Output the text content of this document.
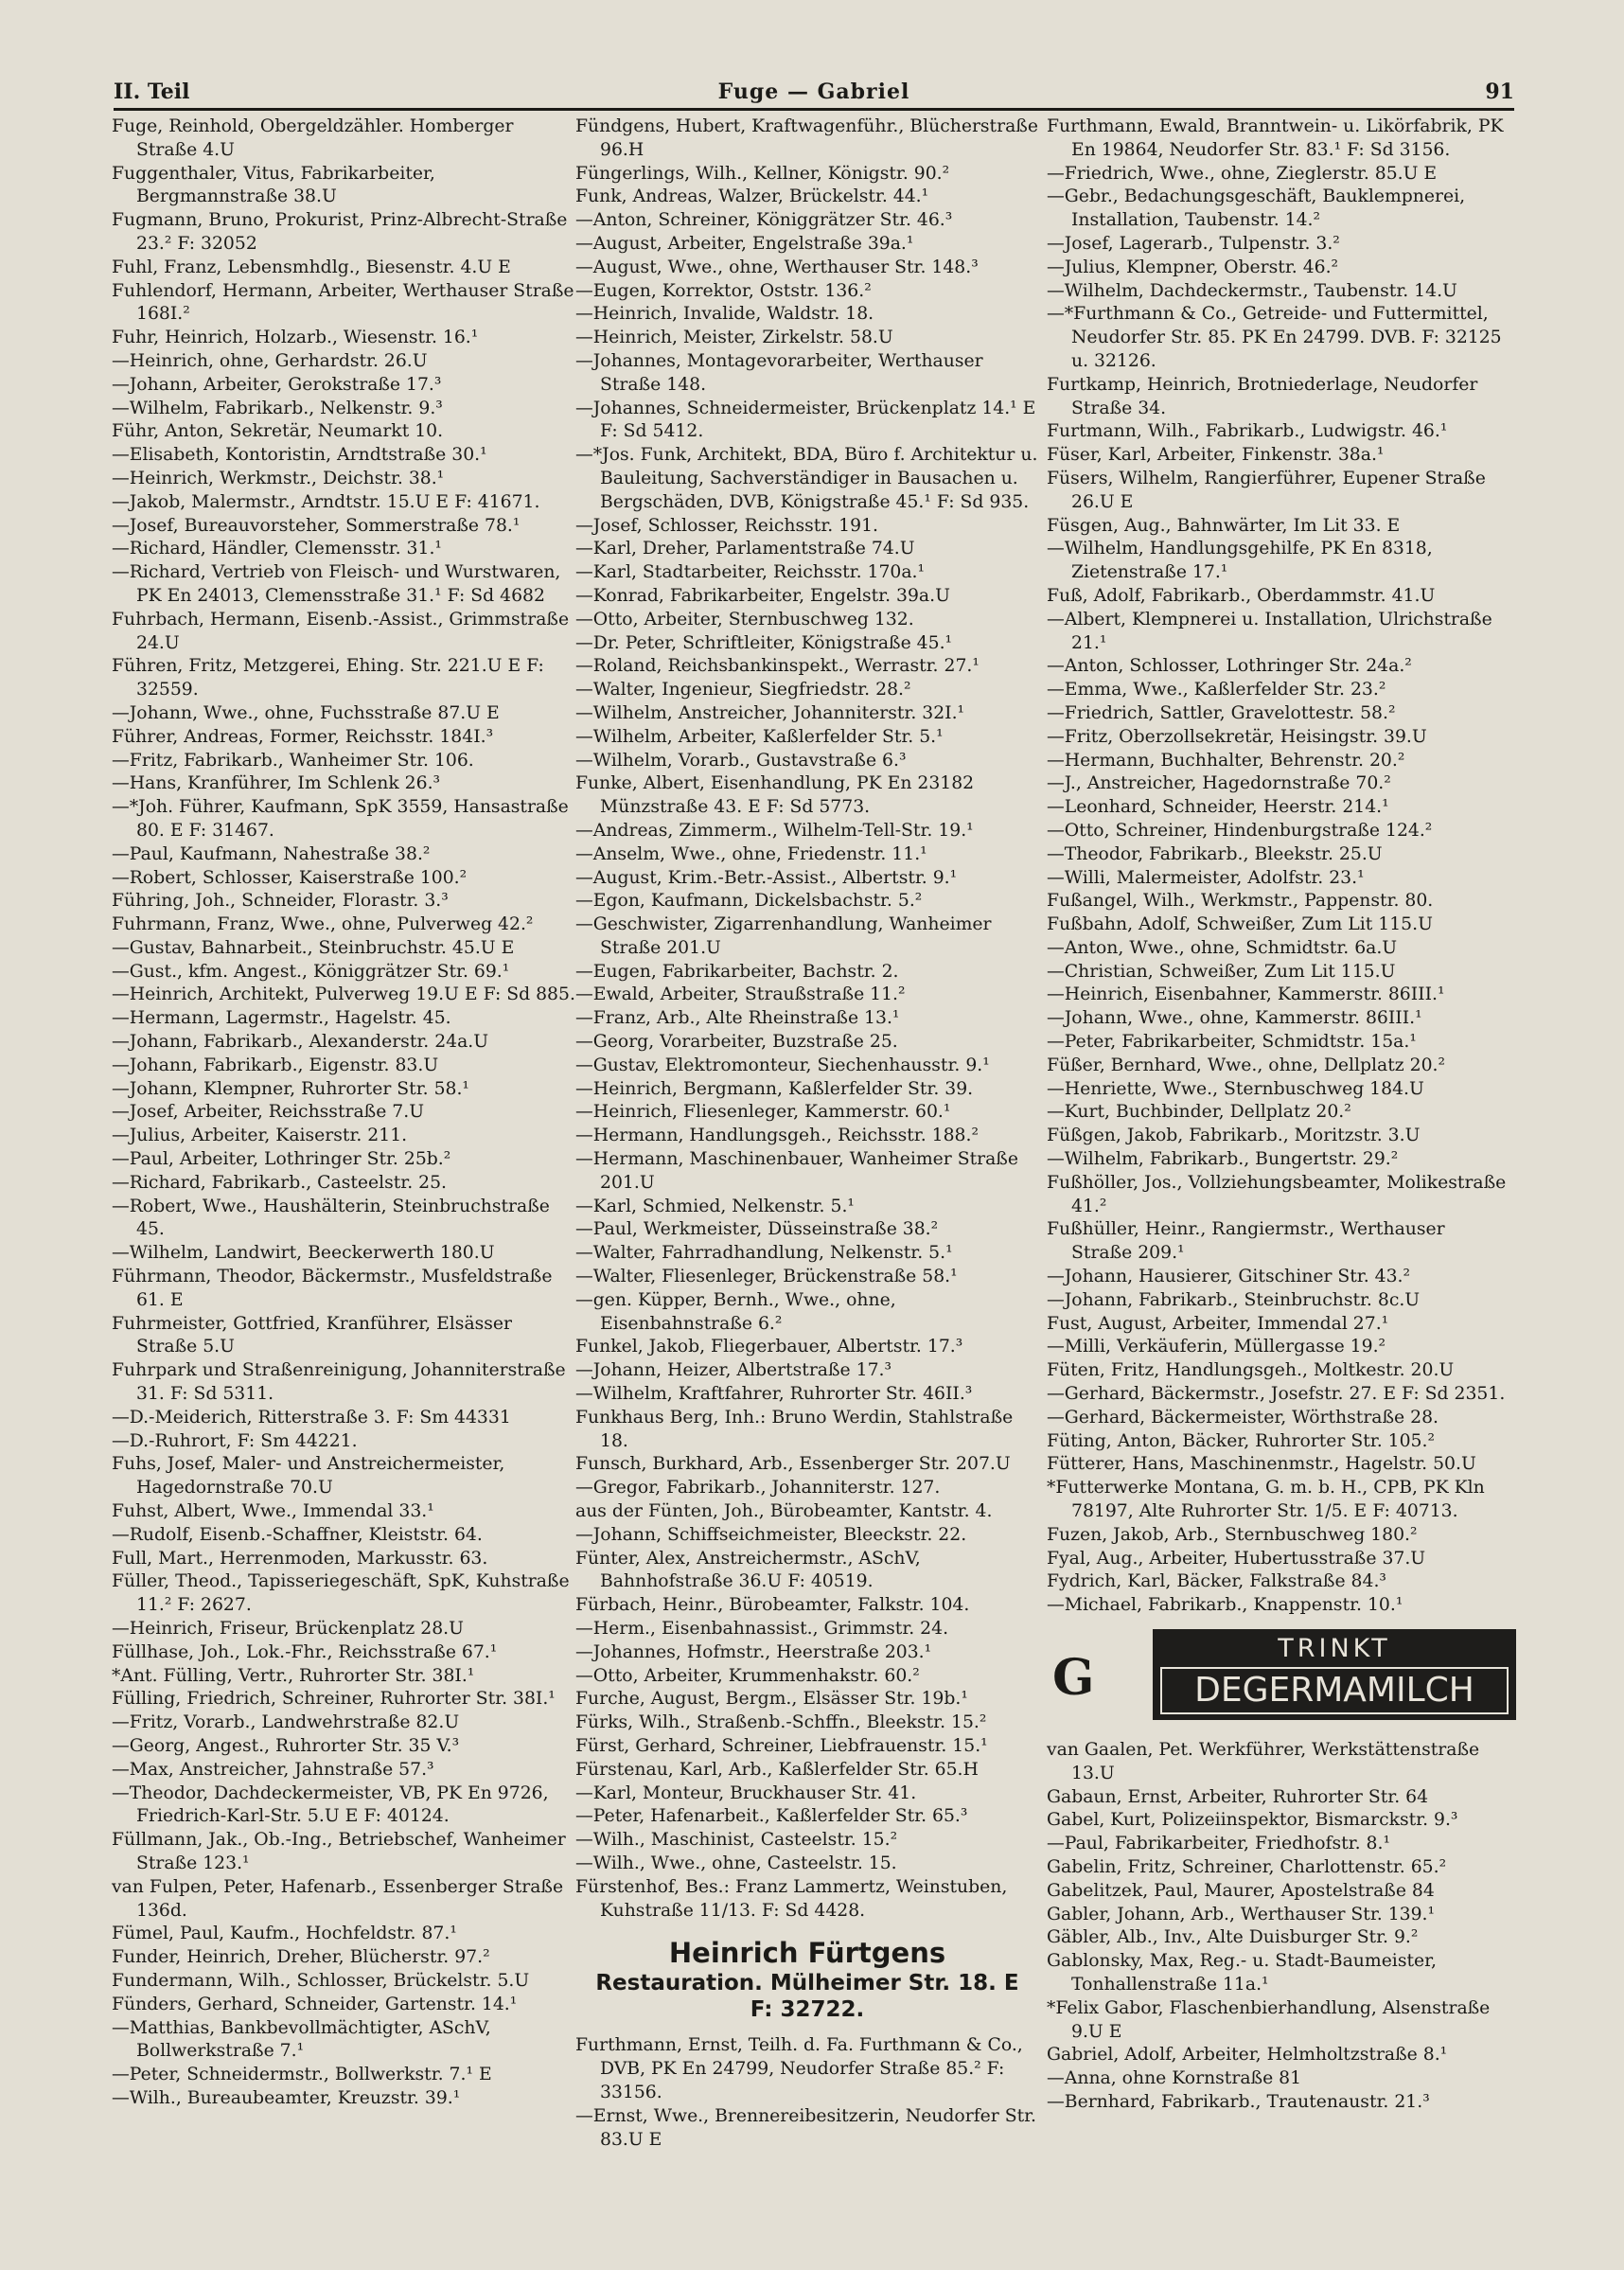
II. Teil	Fuge — Gabriel	91
Fuge, Reinhold, Obergeldzähler. Homberger Straße 4.U
Fuggenthaler, Vitus, Fabrikarbeiter, Bergmannstraße 38.U
Fugmann, Bruno, Prokurist, Prinz-Albrecht-Straße 23.² F: 32052
Fuhl, Franz, Lebensmhdlg., Biesenstr. 4.U E
Fuhlendorf, Hermann, Arbeiter, Werthauser Straße 168I.²
Fuhr, Heinrich, Holzarb., Wiesenstr. 16.¹
—Heinrich, ohne, Gerhardstr. 26.U
—Johann, Arbeiter, Gerokstraße 17.³
—Wilhelm, Fabrikarb., Nelkenstr. 9.³
Führ, Anton, Sekretär, Neumarkt 10.
—Elisabeth, Kontoristin, Arndtstraße 30.¹
—Heinrich, Werkmstr., Deichstr. 38.¹
—Jakob, Malermstr., Arndtstr. 15.U E F: 41671.
—Josef, Bureauvorsteher, Sommerstraße 78.¹
—Richard, Händler, Clemensstr. 31.¹
—Richard, Vertrieb von Fleisch- und Wurstwaren, PK En 24013, Clemensstraße 31.¹ F: Sd 4682
Fuhrbach, Hermann, Eisenb.-Assist., Grimmstraße 24.U
Führen, Fritz, Metzgerei, Ehing. Str. 221.U E F: 32559.
—Johann, Wwe., ohne, Fuchsstraße 87.U E
Führer, Andreas, Former, Reichsstr. 184I.³
—Fritz, Fabrikarb., Wanheimer Str. 106.
—Hans, Kranführer, Im Schlenk 26.³
—*Joh. Führer, Kaufmann, SpK 3559, Hansastraße 80. E F: 31467.
—Paul, Kaufmann, Nahestraße 38.²
—Robert, Schlosser, Kaiserstraße 100.²
Führing, Joh., Schneider, Florastr. 3.³
Fuhrmann, Franz, Wwe., ohne, Pulverweg 42.²
—Gustav, Bahnarbeit., Steinbruchstr. 45.U E
—Gust., kfm. Angest., Königgrätzer Str. 69.¹
—Heinrich, Architekt, Pulverweg 19.U E F: Sd 885.
—Hermann, Lagermstr., Hagelstr. 45.
—Johann, Fabrikarb., Alexanderstr. 24a.U
—Johann, Fabrikarb., Eigenstr. 83.U
—Johann, Klempner, Ruhrorter Str. 58.¹
—Josef, Arbeiter, Reichsstraße 7.U
—Julius, Arbeiter, Kaiserstr. 211.
—Paul, Arbeiter, Lothringer Str. 25b.²
—Richard, Fabrikarb., Casteelstr. 25.
—Robert, Wwe., Haushälterin, Steinbruchstraße 45.
—Wilhelm, Landwirt, Beeckerwerth 180.U
Führmann, Theodor, Bäckermstr., Musfeldstraße 61. E
Fuhrmeister, Gottfried, Kranführer, Elsässer Straße 5.U
Fuhrpark und Straßenreinigung, Johanniterstraße 31. F: Sd 5311.
—D.-Meiderich, Ritterstraße 3. F: Sm 44331
—D.-Ruhrort, F: Sm 44221.
Fuhs, Josef, Maler- und Anstreichermeister, Hagedornstraße 70.U
Fuhst, Albert, Wwe., Immendal 33.¹
—Rudolf, Eisenb.-Schaffner, Kleiststr. 64.
Full, Mart., Herrenmoden, Markusstr. 63.
Füller, Theod., Tapisseriegeschäft, SpK, Kuhstraße 11.² F: 2627.
—Heinrich, Friseur, Brückenplatz 28.U
Füllhase, Joh., Lok.-Fhr., Reichsstraße 67.¹
*Ant. Fülling, Vertr., Ruhrorter Str. 38I.¹
Fülling, Friedrich, Schreiner, Ruhrorter Str. 38I.¹
—Fritz, Vorarb., Landwehrstraße 82.U
—Georg, Angest., Ruhrorter Str. 35 V.³
—Max, Anstreicher, Jahnstraße 57.³
—Theodor, Dachdeckermeister, VB, PK En 9726, Friedrich-Karl-Str. 5.U E F: 40124.
Füllmann, Jak., Ob.-Ing., Betriebschef, Wanheimer Straße 123.¹
van Fulpen, Peter, Hafenarb., Essenberger Straße 136d.
Fümel, Paul, Kaufm., Hochfeldstr. 87.¹
Funder, Heinrich, Dreher, Blücherstr. 97.²
Fundermann, Wilh., Schlosser, Brückelstr. 5.U
Fünders, Gerhard, Schneider, Gartenstr. 14.¹
—Matthias, Bankbevollmächtigter, ASchV, Bollwerkstraße 7.¹
—Peter, Schneidermstr., Bollwerkstr. 7.¹ E
—Wilh., Bureaubeamter, Kreuzstr. 39.¹
Fündgens, Hubert, Kraftwagenführ., Blücherstraße 96.H
Füngerlings, Wilh., Kellner, Königstr. 90.²
Funk, Andreas, Walzer, Brückelstr. 44.¹
—Anton, Schreiner, Königgrätzer Str. 46.³
—August, Arbeiter, Engelstraße 39a.¹
—August, Wwe., ohne, Werthauser Str. 148.³
—Eugen, Korrektor, Oststr. 136.²
—Heinrich, Invalide, Waldstr. 18.
—Heinrich, Meister, Zirkelstr. 58.U
—Johannes, Montagevorarbeiter, Werthauser Straße 148.
—Johannes, Schneidermeister, Brückenplatz 14.¹ E F: Sd 5412.
—*Jos. Funk, Architekt, BDA, Büro f. Architektur u. Bauleitung, Sachverständiger in Bausachen u. Bergschäden, DVB, Königstraße 45.¹ F: Sd 935.
—Josef, Schlosser, Reichsstr. 191.
—Karl, Dreher, Parlamentstraße 74.U
—Karl, Stadtarbeiter, Reichsstr. 170a.¹
—Konrad, Fabrikarbeiter, Engelstr. 39a.U
—Otto, Arbeiter, Sternbuschweg 132.
—Dr. Peter, Schriftleiter, Königstraße 45.¹
—Roland, Reichsbankinspekt., Werrastr. 27.¹
—Walter, Ingenieur, Siegfriedstr. 28.²
—Wilhelm, Anstreicher, Johanniterstr. 32I.¹
—Wilhelm, Arbeiter, Kaßlerfelder Str. 5.¹
—Wilhelm, Vorarb., Gustavstraße 6.³
Funke, Albert, Eisenhandlung, PK En 23182 Münzstraße 43. E F: Sd 5773.
—Andreas, Zimmerm., Wilhelm-Tell-Str. 19.¹
—Anselm, Wwe., ohne, Friedenstr. 11.¹
—August, Krim.-Betr.-Assist., Albertstr. 9.¹
—Egon, Kaufmann, Dickelsbachstr. 5.²
—Geschwister, Zigarrenhandlung, Wanheimer Straße 201.U
—Eugen, Fabrikarbeiter, Bachstr. 2.
—Ewald, Arbeiter, Straußstraße 11.²
—Franz, Arb., Alte Rheinstraße 13.¹
—Georg, Vorarbeiter, Buzstraße 25.
—Gustav, Elektromonteur, Siechenhausstr. 9.¹
—Heinrich, Bergmann, Kaßlerfelder Str. 39.
—Heinrich, Fliesenleger, Kammerstr. 60.¹
—Hermann, Handlungsgeh., Reichsstr. 188.²
—Hermann, Maschinenbauer, Wanheimer Straße 201.U
—Karl, Schmied, Nelkenstr. 5.¹
—Paul, Werkmeister, Düsseinstraße 38.²
—Walter, Fahrradhandlung, Nelkenstr. 5.¹
—Walter, Fliesenleger, Brückenstraße 58.¹
—gen. Küpper, Bernh., Wwe., ohne, Eisenbahnstraße 6.²
Funkel, Jakob, Fliegerbauer, Albertstr. 17.³
—Johann, Heizer, Albertstraße 17.³
—Wilhelm, Kraftfahrer, Ruhrorter Str. 46II.³
Funkhaus Berg, Inh.: Bruno Werdin, Stahlstraße 18.
Funsch, Burkhard, Arb., Essenberger Str. 207.U
—Gregor, Fabrikarb., Johanniterstr. 127.
aus der Fünten, Joh., Bürobeamter, Kantstr. 4.
—Johann, Schiffseichmeister, Bleeckstr. 22.
Fünter, Alex, Anstreichermstr., ASchV, Bahnhofstraße 36.U F: 40519.
Fürbach, Heinr., Bürobeamter, Falkstr. 104.
—Herm., Eisenbahnassist., Grimmstr. 24.
—Johannes, Hofmstr., Heerstraße 203.¹
—Otto, Arbeiter, Krummenhakstr. 60.²
Furche, August, Bergm., Elsässer Str. 19b.¹
Fürks, Wilh., Straßenb.-Schffn., Bleekstr. 15.²
Fürst, Gerhard, Schreiner, Liebfrauenstr. 15.¹
Fürstenau, Karl, Arb., Kaßlerfelder Str. 65.H
—Karl, Monteur, Bruckhauser Str. 41.
—Peter, Hafenarbeit., Kaßlerfelder Str. 65.³
—Wilh., Maschinist, Casteelstr. 15.²
—Wilh., Wwe., ohne, Casteelstr. 15.
Fürstenhof, Bes.: Franz Lammertz, Weinstuben, Kuhstraße 11/13. F: Sd 4428.
Heinrich Fürtgens
Restauration. Mülheimer Str. 18. E
F: 32722.
Furthmann, Ernst, Teilh. d. Fa. Furthmann & Co., DVB, PK En 24799, Neudorfer Straße 85.² F: 33156.
—Ernst, Wwe., Brennereibesitzerin, Neudorfer Str. 83.U E
Furthmann, Ewald, Branntwein- u. Likörfabrik, PK En 19864, Neudorfer Str. 83.¹ F: Sd 3156.
—Friedrich, Wwe., ohne, Zieglerstr. 85.U E
—Gebr., Bedachungsgeschäft, Bauklempnerei, Installation, Taubenstr. 14.²
—Josef, Lagerarb., Tulpenstr. 3.²
—Julius, Klempner, Oberstr. 46.²
—Wilhelm, Dachdeckermstr., Taubenstr. 14.U
—*Furthmann & Co., Getreide- und Futtermittel, Neudorfer Str. 85. PK En 24799. DVB. F: 32125 u. 32126.
Furtkamp, Heinrich, Brotniederlage, Neudorfer Straße 34.
Furtmann, Wilh., Fabrikarb., Ludwigstr. 46.¹
Füser, Karl, Arbeiter, Finkenstr. 38a.¹
Füsers, Wilhelm, Rangierführer, Eupener Straße 26.U E
Füsgen, Aug., Bahnwärter, Im Lit 33. E
—Wilhelm, Handlungsgehilfe, PK En 8318, Zietenstraße 17.¹
Fuß, Adolf, Fabrikarb., Oberdammstr. 41.U
—Albert, Klempnerei u. Installation, Ulrichstraße 21.¹
—Anton, Schlosser, Lothringer Str. 24a.²
—Emma, Wwe., Kaßlerfelder Str. 23.²
—Friedrich, Sattler, Gravelottestr. 58.²
—Fritz, Oberzollsekretär, Heisingstr. 39.U
—Hermann, Buchhalter, Behrenstr. 20.²
—J., Anstreicher, Hagedornstraße 70.²
—Leonhard, Schneider, Heerstr. 214.¹
—Otto, Schreiner, Hindenburgstraße 124.²
—Theodor, Fabrikarb., Bleekstr. 25.U
—Willi, Malermeister, Adolfstr. 23.¹
Fußangel, Wilh., Werkmstr., Pappenstr. 80.
Fußbahn, Adolf, Schweißer, Zum Lit 115.U
—Anton, Wwe., ohne, Schmidtstr. 6a.U
—Christian, Schweißer, Zum Lit 115.U
—Heinrich, Eisenbahner, Kammerstr. 86III.¹
—Johann, Wwe., ohne, Kammerstr. 86III.¹
—Peter, Fabrikarbeiter, Schmidtstr. 15a.¹
Füßer, Bernhard, Wwe., ohne, Dellplatz 20.²
—Henriette, Wwe., Sternbuschweg 184.U
—Kurt, Buchbinder, Dellplatz 20.²
Füßgen, Jakob, Fabrikarb., Moritzstr. 3.U
—Wilhelm, Fabrikarb., Bungertstr. 29.²
Fußhöller, Jos., Vollziehungsbeamter, Molikestraße 41.²
Fußhüller, Heinr., Rangiermstr., Werthauser Straße 209.¹
—Johann, Hausierer, Gitschiner Str. 43.²
—Johann, Fabrikarb., Steinbruchstr. 8c.U
Fust, August, Arbeiter, Immendal 27.¹
—Milli, Verkäuferin, Müllergasse 19.²
Füten, Fritz, Handlungsgeh., Moltkestr. 20.U
—Gerhard, Bäckermstr., Josefstr. 27. E F: Sd 2351.
—Gerhard, Bäckermeister, Wörthstraße 28.
Füting, Anton, Bäcker, Ruhrorter Str. 105.²
Fütterer, Hans, Maschinenmstr., Hagelstr. 50.U
*Futterwerke Montana, G. m. b. H., CPB, PK Kln 78197, Alte Ruhrorter Str. 1/5. E F: 40713.
Fuzen, Jakob, Arb., Sternbuschweg 180.²
Fyal, Aug., Arbeiter, Hubertusstraße 37.U
Fydrich, Karl, Bäcker, Falkstraße 84.³
—Michael, Fabrikarb., Knappenstr. 10.¹
G
TRINKT
DEGERMAMILCH
van Gaalen, Pet. Werkführer, Werkstättenstraße 13.U
Gabaun, Ernst, Arbeiter, Ruhrorter Str. 64
Gabel, Kurt, Polizeiinspektor, Bismarckstr. 9.³
—Paul, Fabrikarbeiter, Friedhofstr. 8.¹
Gabelin, Fritz, Schreiner, Charlottenstr. 65.²
Gabelitzek, Paul, Maurer, Apostelstraße 84
Gabler, Johann, Arb., Werthauser Str. 139.¹
Gäbler, Alb., Inv., Alte Duisburger Str. 9.²
Gablonsky, Max, Reg.- u. Stadt-Baumeister, Tonhallenstraße 11a.¹
*Felix Gabor, Flaschenbierhandlung, Alsenstraße 9.U E
Gabriel, Adolf, Arbeiter, Helmholtzstraße 8.¹
—Anna, ohne Kornstraße 81
—Bernhard, Fabrikarb., Trautenaustr. 21.³
